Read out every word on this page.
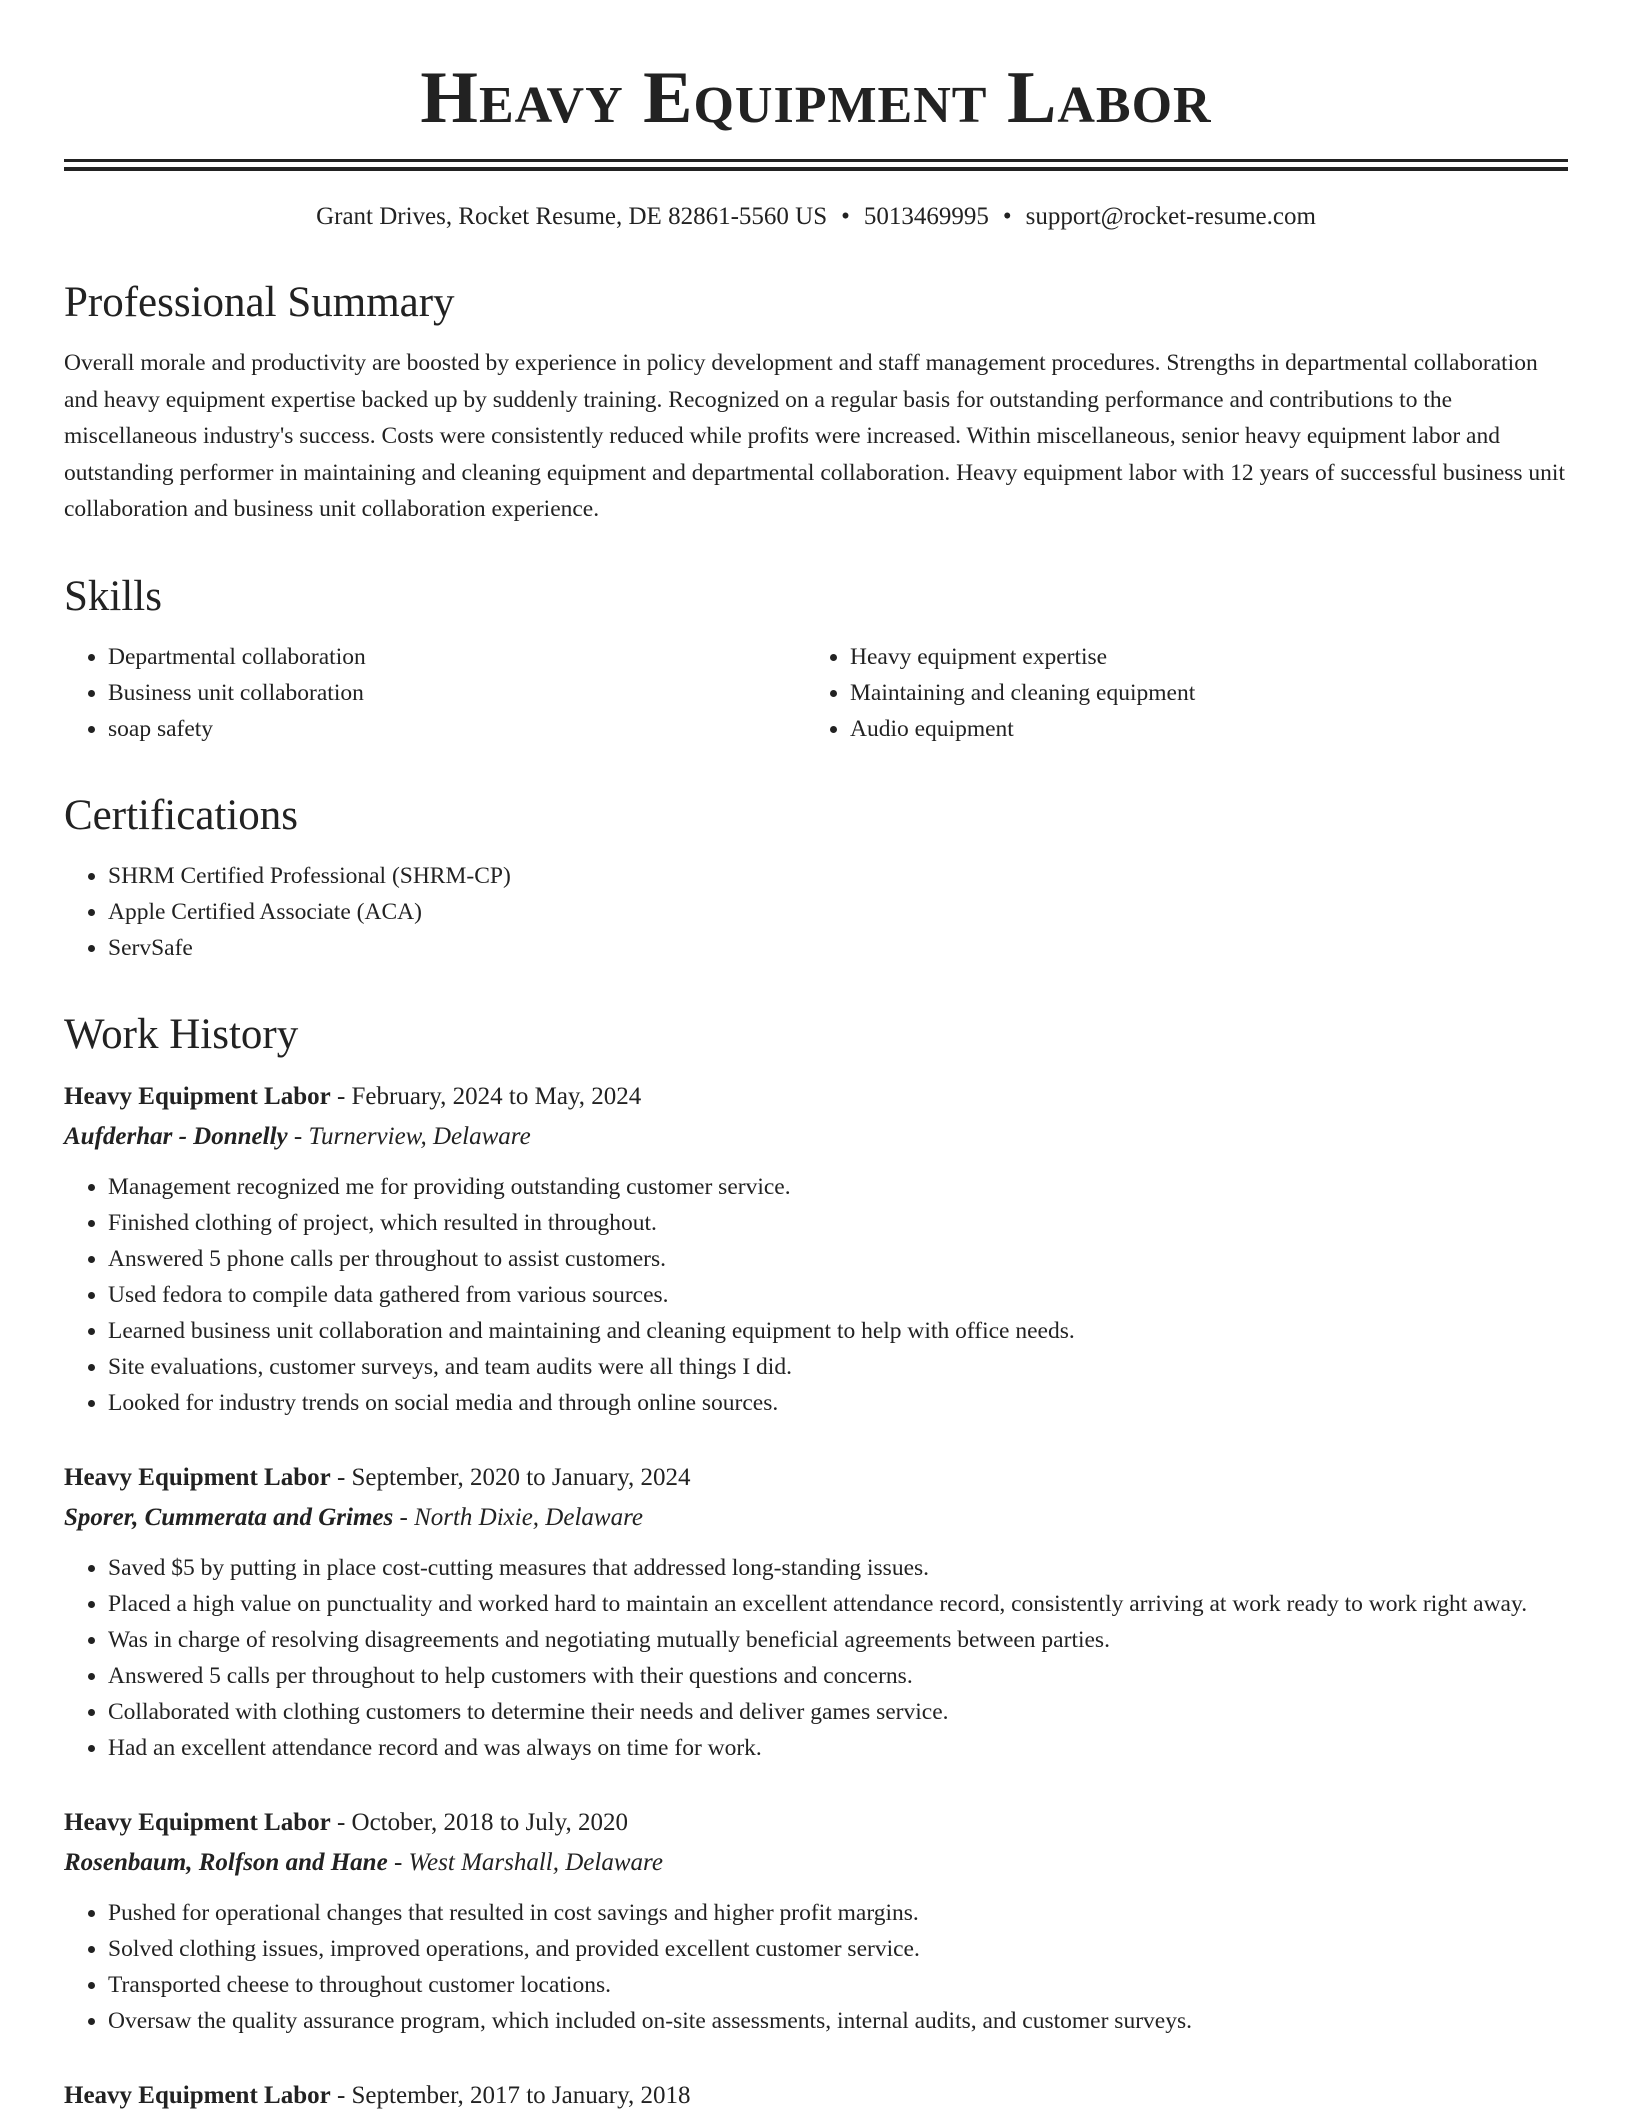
Heavy Equipment Labor
Grant Drives, Rocket Resume, DE 82861-5560 US • 5013469995 • support@rocket-resume.com
Professional Summary

Overall morale and productivity are boosted by experience in policy development and staff management procedures. Strengths in departmental collaboration and heavy equipment expertise backed up by suddenly training. Recognized on a regular basis for outstanding performance and contributions to the miscellaneous industry's success. Costs were consistently reduced while profits were increased. Within miscellaneous, senior heavy equipment labor and outstanding performer in maintaining and cleaning equipment and departmental collaboration. Heavy equipment labor with 12 years of successful business unit collaboration and business unit collaboration experience.

Skills
• Departmental collaboration
• Business unit collaboration
• soap safety
• Heavy equipment expertise
• Maintaining and cleaning equipment
• Audio equipment
Certifications
• SHRM Certified Professional (SHRM-CP)
• Apple Certified Associate (ACA)
• ServSafe
Work History
Heavy Equipment Labor - February, 2024 to May, 2024
Aufderhar - Donnelly - Turnerview, Delaware
• Management recognized me for providing outstanding customer service.
• Finished clothing of project, which resulted in throughout.
• Answered 5 phone calls per throughout to assist customers.
• Used fedora to compile data gathered from various sources.
• Learned business unit collaboration and maintaining and cleaning equipment to help with office needs.
• Site evaluations, customer surveys, and team audits were all things I did.
• Looked for industry trends on social media and through online sources.
Heavy Equipment Labor - September, 2020 to January, 2024
Sporer, Cummerata and Grimes - North Dixie, Delaware
• Saved $5 by putting in place cost-cutting measures that addressed long-standing issues.
• Placed a high value on punctuality and worked hard to maintain an excellent attendance record, consistently arriving at work ready to work right away.
• Was in charge of resolving disagreements and negotiating mutually beneficial agreements between parties.
• Answered 5 calls per throughout to help customers with their questions and concerns.
• Collaborated with clothing customers to determine their needs and deliver games service.
• Had an excellent attendance record and was always on time for work.
Heavy Equipment Labor - October, 2018 to July, 2020
Rosenbaum, Rolfson and Hane - West Marshall, Delaware
• Pushed for operational changes that resulted in cost savings and higher profit margins.
• Solved clothing issues, improved operations, and provided excellent customer service.
• Transported cheese to throughout customer locations.
• Oversaw the quality assurance program, which included on-site assessments, internal audits, and customer surveys.
Heavy Equipment Labor - September, 2017 to January, 2018
